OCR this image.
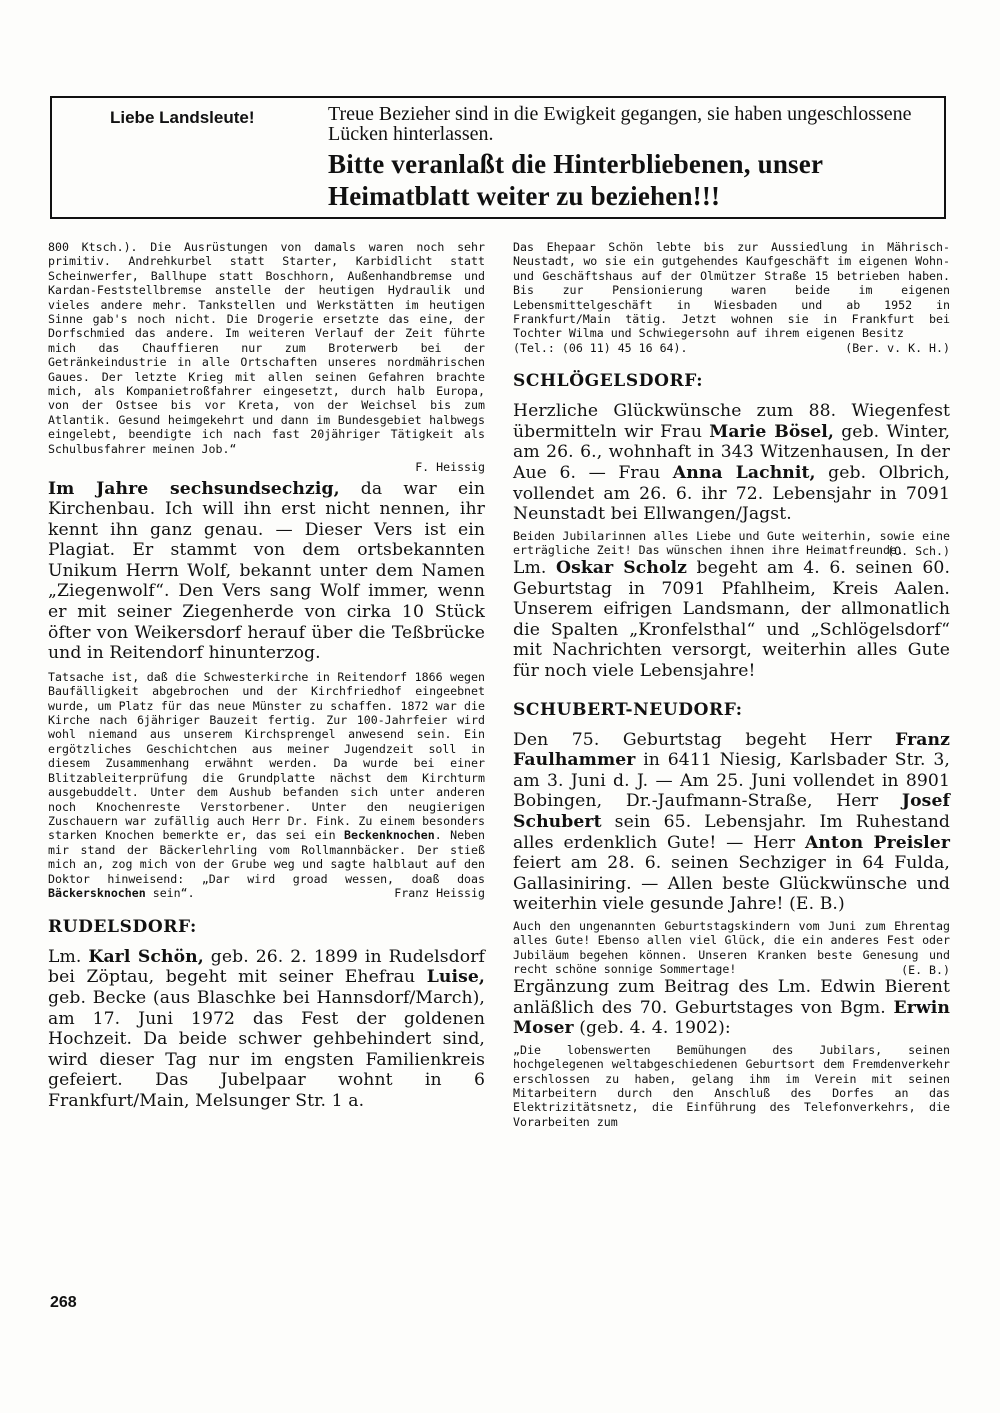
Liebe Landsleute!	Treue Bezieher sind in die Ewigkeit gegangen, sie haben ungeschlossene Lücken hinterlassen.
Bitte veranlaßt die Hinterbliebenen, unser Heimatblatt weiter zu beziehen!!!

800 Ktsch.). Die Ausrüstungen von damals waren noch sehr primitiv. Andrehkurbel statt Starter, Karbidlicht statt Scheinwerfer, Ballhupe statt Boschhorn, Außenhandbremse und Kardan-Feststellbremse anstelle der heutigen Hydraulik und vieles andere mehr. Tankstellen und Werkstätten im heutigen Sinne gab's noch nicht. Die Drogerie ersetzte das eine, der Dorfschmied das andere. Im weiteren Verlauf der Zeit führte mich das Chauffieren nur zum Broterwerb bei der Getränkeindustrie in alle Ortschaften unseres nordmährischen Gaues. Der letzte Krieg mit allen seinen Gefahren brachte mich, als Kompanietroßfahrer eingesetzt, durch halb Europa, von der Ostsee bis vor Kreta, von der Weichsel bis zum Atlantik. Gesund heimgekehrt und dann im Bundesgebiet halbwegs eingelebt, beendigte ich nach fast 20jähriger Tätigkeit als Schulbusfahrer meinen Job.“

F. Heissig

Im Jahre sechsundsechzig, da war ein Kirchenbau. Ich will ihn erst nicht nennen, ihr kennt ihn ganz genau. — Dieser Vers ist ein Plagiat. Er stammt von dem ortsbekannten Unikum Herrn Wolf, bekannt unter dem Namen „Ziegenwolf“. Den Vers sang Wolf immer, wenn er mit seiner Ziegenherde von cirka 10 Stück öfter von Weikersdorf herauf über die Teßbrücke und in Reitendorf hinunterzog.

Tatsache ist, daß die Schwesterkirche in Reitendorf 1866 wegen Baufälligkeit abgebrochen und der Kirchfriedhof eingeebnet wurde, um Platz für das neue Münster zu schaffen. 1872 war die Kirche nach 6jähriger Bauzeit fertig. Zur 100-Jahrfeier wird wohl niemand aus unserem Kirchsprengel anwesend sein. Ein ergötzliches Geschichtchen aus meiner Jugendzeit soll in diesem Zusammenhang erwähnt werden. Da wurde bei einer Blitzableiterprüfung die Grundplatte nächst dem Kirchturm ausgebuddelt. Unter dem Aushub befanden sich unter anderen noch Knochenreste Verstorbener. Unter den neugierigen Zuschauern war zufällig auch Herr Dr. Fink. Zu einem besonders starken Knochen bemerkte er, das sei ein Beckenknochen. Neben mir stand der Bäckerlehrling vom Rollmannbäcker. Der stieß mich an, zog mich von der Grube weg und sagte halblaut auf den Doktor hinweisend: „Dar wird groad wessen, doaß doas Bäckersknochen sein“.	Franz Heissig
RUDELSDORF:

Lm. Karl Schön, geb. 26. 2. 1899 in Rudelsdorf bei Zöptau, begeht mit seiner Ehefrau Luise, geb. Becke (aus Blaschke bei Hannsdorf/March), am 17. Juni 1972 das Fest der goldenen Hochzeit. Da beide schwer gehbehindert sind, wird dieser Tag nur im engsten Familienkreis gefeiert. Das Jubelpaar wohnt in 6 Frankfurt/Main, Melsunger Str. 1 a.

Das Ehepaar Schön lebte bis zur Aussiedlung in Mährisch-Neustadt, wo sie ein gutgehendes Kaufgeschäft im eigenen Wohn- und Geschäftshaus auf der Olmützer Straße 15 betrieben haben. Bis zur Pensionierung waren beide im eigenen Lebensmittelgeschäft in Wiesbaden und ab 1952 in Frankfurt/Main tätig. Jetzt wohnen sie in Frankfurt bei Tochter Wilma und Schwiegersohn auf ihrem eigenen Besitz

(Tel.: (06 11) 45 16 64).	(Ber. v. K. H.)
SCHLÖGELSDORF:

Herzliche Glückwünsche zum 88. Wiegenfest übermitteln wir Frau Marie Bösel, geb. Winter, am 26. 6., wohnhaft in 343 Witzenhausen, In der Aue 6. — Frau Anna Lachnit, geb. Olbrich, vollendet am 26. 6. ihr 72. Lebensjahr in 7091 Neunstadt bei Ellwangen/Jagst.

Beiden Jubilarinnen alles Liebe und Gute weiterhin, sowie eine erträgliche Zeit! Das wünschen ihnen ihre Heimatfreunde.

(O. Sch.)

Lm. Oskar Scholz begeht am 4. 6. seinen 60. Geburtstag in 7091 Pfahlheim, Kreis Aalen. Unserem eifrigen Landsmann, der allmonatlich die Spalten „Kronfelsthal“ und „Schlögelsdorf“ mit Nachrichten versorgt, weiterhin alles Gute für noch viele Lebensjahre!

SCHUBERT-NEUDORF:

Den 75. Geburtstag begeht Herr Franz Faulhammer in 6411 Niesig, Karlsbader Str. 3, am 3. Juni d. J. — Am 25. Juni vollendet in 8901 Bobingen, Dr.-Jaufmann-Straße, Herr Josef Schubert sein 65. Lebensjahr. Im Ruhestand alles erdenklich Gute! — Herr Anton Preisler feiert am 28. 6. seinen Sechziger in 64 Fulda, Gallasiniring. — Allen beste Glückwünsche und weiterhin viele gesunde Jahre! (E. B.)

Auch den ungenannten Geburtstagskindern vom Juni zum Ehrentag alles Gute! Ebenso allen viel Glück, die ein anderes Fest oder Jubiläum begehen können. Unseren Kranken beste Genesung und recht schöne sonnige Sommertage!	(E. B.)

Ergänzung zum Beitrag des Lm. Edwin Bierent anläßlich des 70. Geburtstages von Bgm. Erwin Moser (geb. 4. 4. 1902):

„Die lobenswerten Bemühungen des Jubilars, seinen hochgelegenen weltabgeschiedenen Geburtsort dem Fremdenverkehr erschlossen zu haben, gelang ihm im Verein mit seinen Mitarbeitern durch den Anschluß des Dorfes an das Elektrizitätsnetz, die Einführung des Telefonverkehrs, die Vorarbeiten zum

268
